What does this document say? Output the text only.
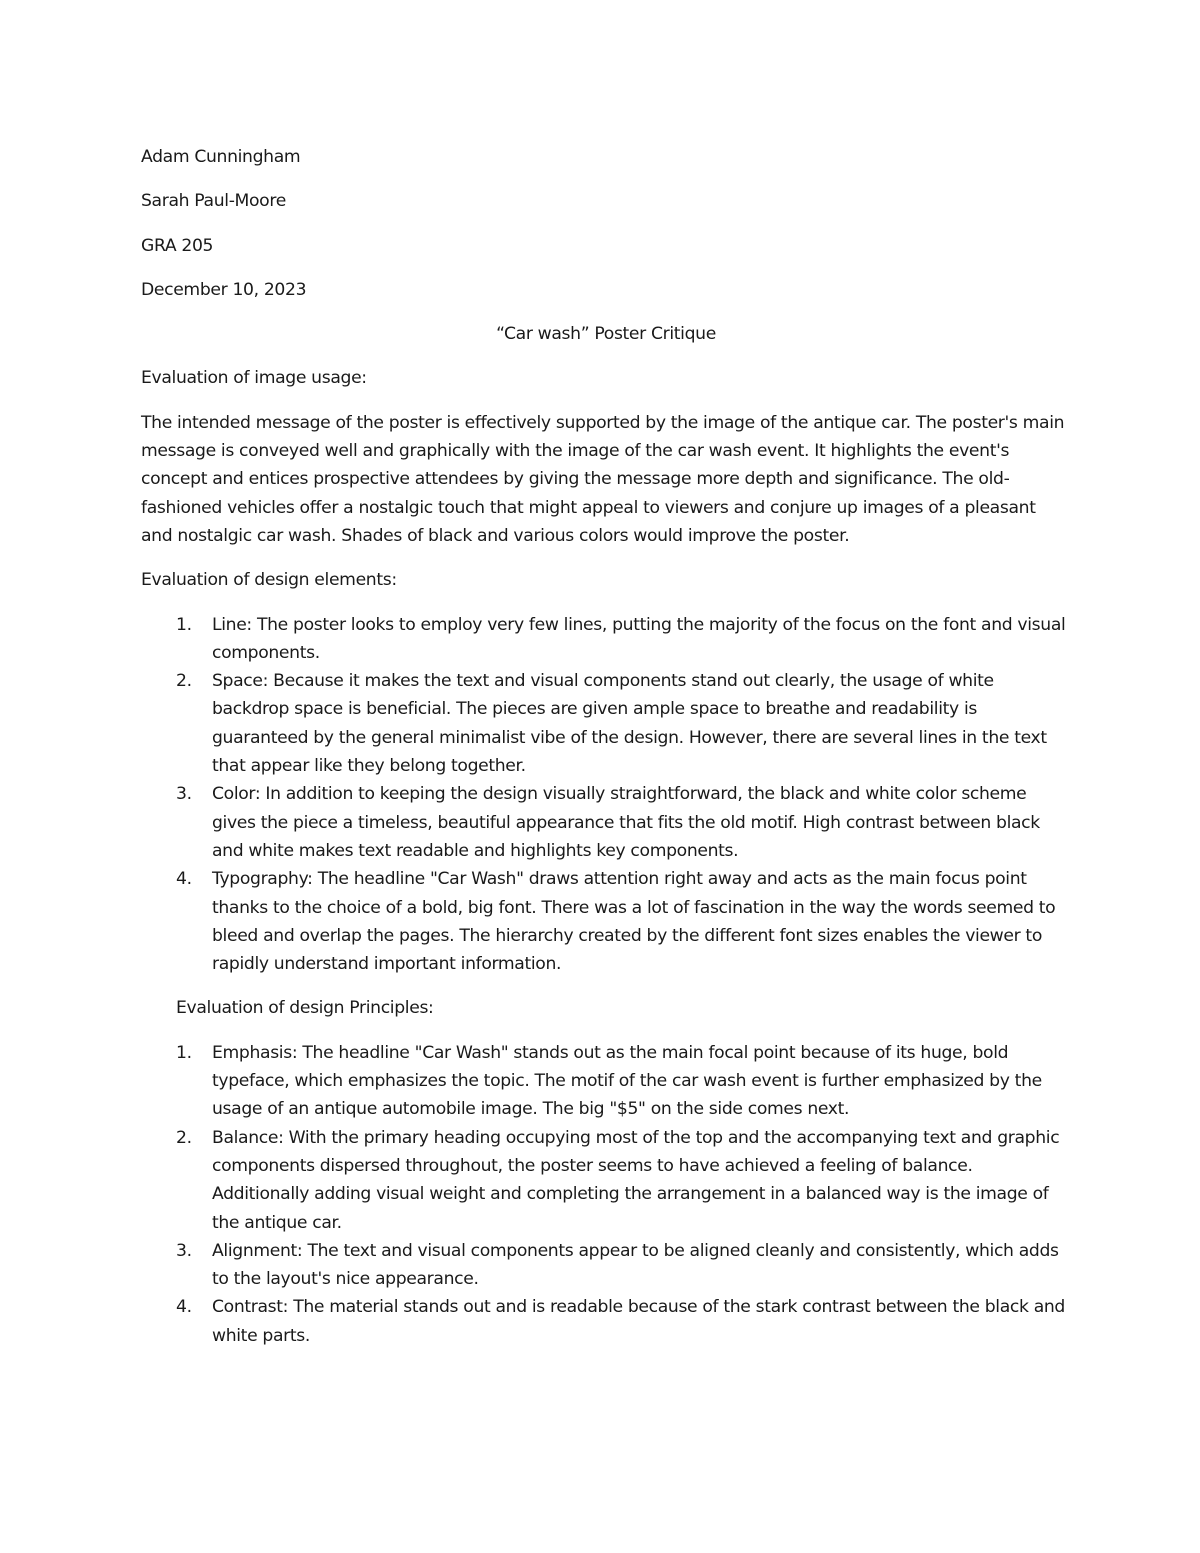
Adam Cunningham

Sarah Paul-Moore

GRA 205

December 10, 2023

“Car wash” Poster Critique

Evaluation of image usage:

The intended message of the poster is effectively supported by the image of the antique car. The poster's main message is conveyed well and graphically with the image of the car wash event. It highlights the event's concept and entices prospective attendees by giving the message more depth and significance. The old-fashioned vehicles offer a nostalgic touch that might appeal to viewers and conjure up images of a pleasant and nostalgic car wash. Shades of black and various colors would improve the poster.

Evaluation of design elements:

1. Line: The poster looks to employ very few lines, putting the majority of the focus on the font and visual components.
2. Space: Because it makes the text and visual components stand out clearly, the usage of white backdrop space is beneficial. The pieces are given ample space to breathe and readability is guaranteed by the general minimalist vibe of the design. However, there are several lines in the text that appear like they belong together.
3. Color: In addition to keeping the design visually straightforward, the black and white color scheme gives the piece a timeless, beautiful appearance that fits the old motif. High contrast between black and white makes text readable and highlights key components.
4. Typography: The headline "Car Wash" draws attention right away and acts as the main focus point thanks to the choice of a bold, big font. There was a lot of fascination in the way the words seemed to bleed and overlap the pages. The hierarchy created by the different font sizes enables the viewer to rapidly understand important information.

Evaluation of design Principles:

1. Emphasis: The headline "Car Wash" stands out as the main focal point because of its huge, bold typeface, which emphasizes the topic. The motif of the car wash event is further emphasized by the usage of an antique automobile image. The big "$5" on the side comes next.
2. Balance: With the primary heading occupying most of the top and the accompanying text and graphic components dispersed throughout, the poster seems to have achieved a feeling of balance. Additionally adding visual weight and completing the arrangement in a balanced way is the image of the antique car.
3. Alignment: The text and visual components appear to be aligned cleanly and consistently, which adds to the layout's nice appearance.
4. Contrast: The material stands out and is readable because of the stark contrast between the black and white parts.
